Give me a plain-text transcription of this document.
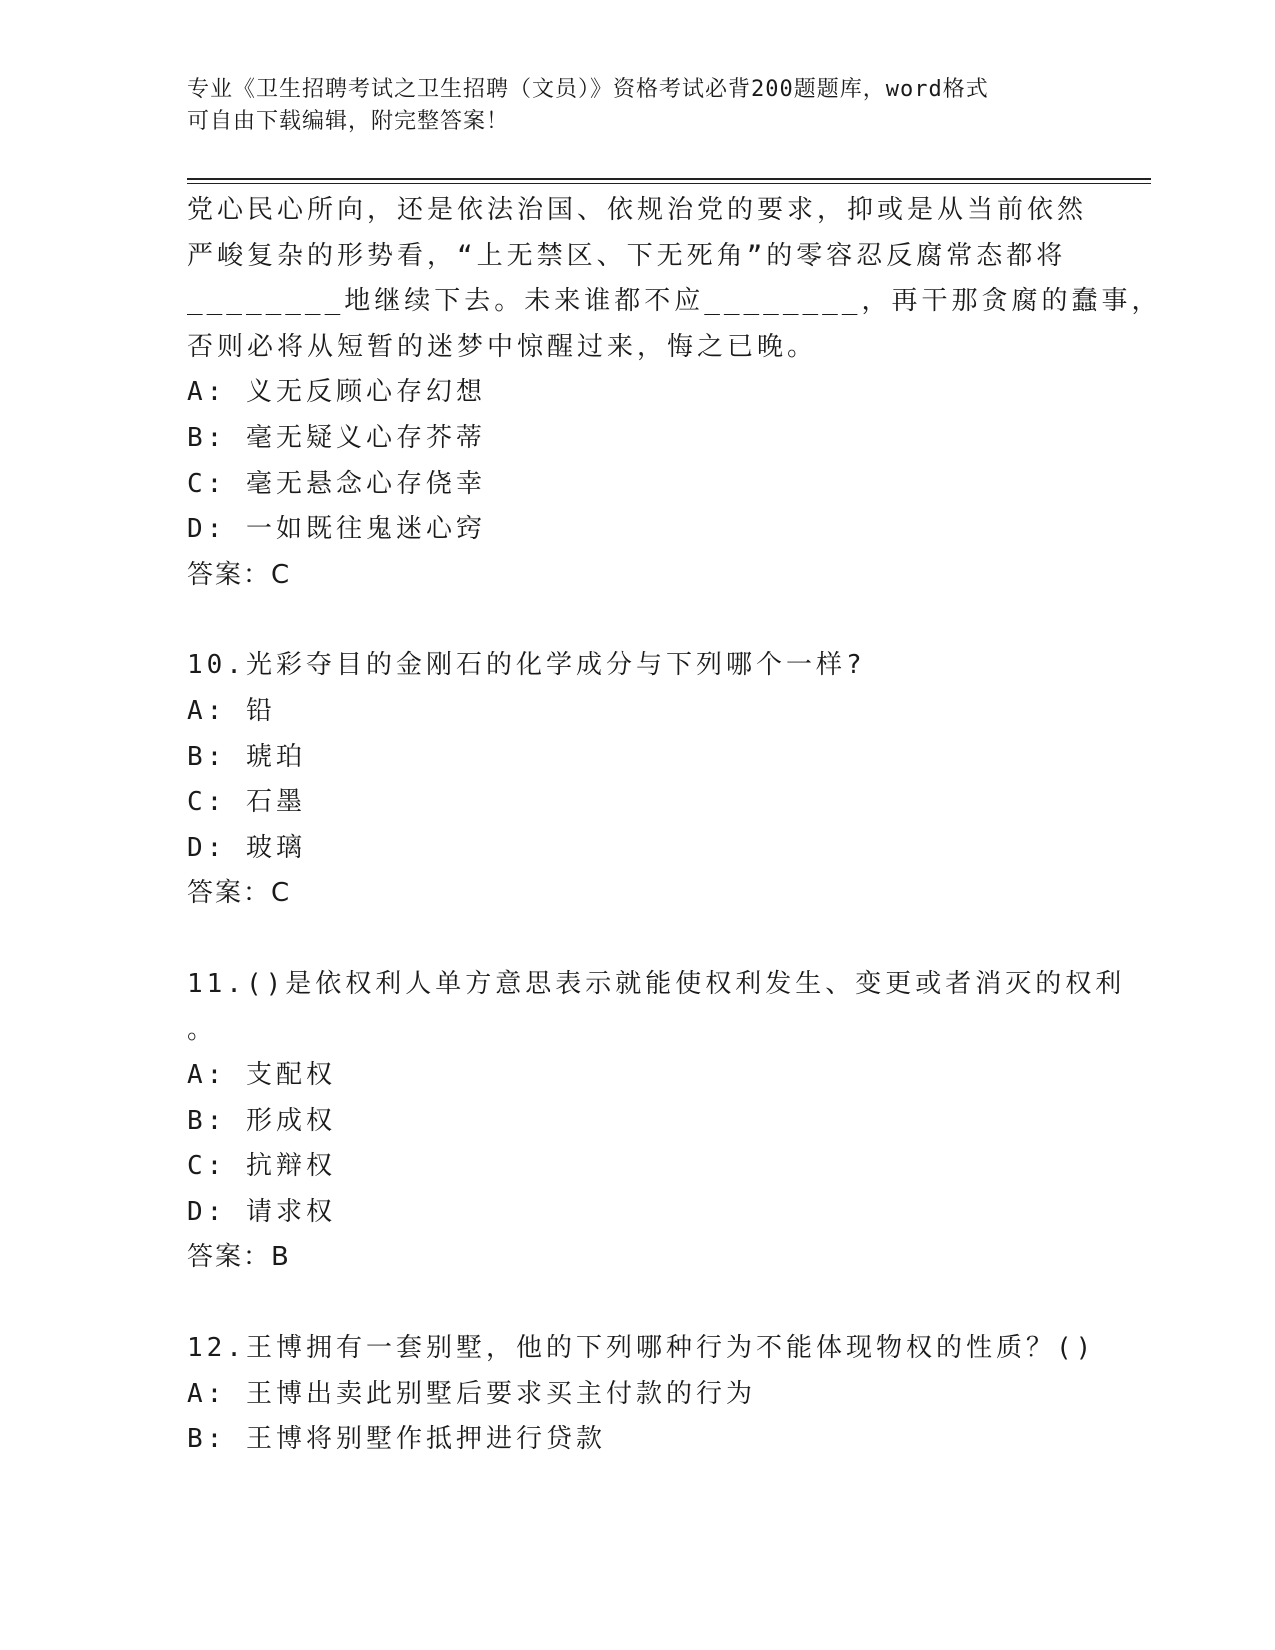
专业《卫生招聘考试之卫生招聘（文员）》资格考试必背200题题库，word格式
可自由下载编辑，附完整答案！
党心民心所向，还是依法治国、依规治党的要求，抑或是从当前依然
严峻复杂的形势看，“上无禁区、下无死角”的零容忍反腐常态都将
________地继续下去。未来谁都不应________，再干那贪腐的蠢事，
否则必将从短暂的迷梦中惊醒过来，悔之已晚。
A: 义无反顾心存幻想
B: 毫无疑义心存芥蒂
C: 毫无悬念心存侥幸
D: 一如既往鬼迷心窍
答案：C
10.光彩夺目的金刚石的化学成分与下列哪个一样?
A: 铅
B: 琥珀
C: 石墨
D: 玻璃
答案：C
11.()是依权利人单方意思表示就能使权利发生、变更或者消灭的权利
。
A: 支配权
B: 形成权
C: 抗辩权
D: 请求权
答案：B
12.王博拥有一套别墅，他的下列哪种行为不能体现物权的性质？()
A: 王博出卖此别墅后要求买主付款的行为
B: 王博将别墅作抵押进行贷款
